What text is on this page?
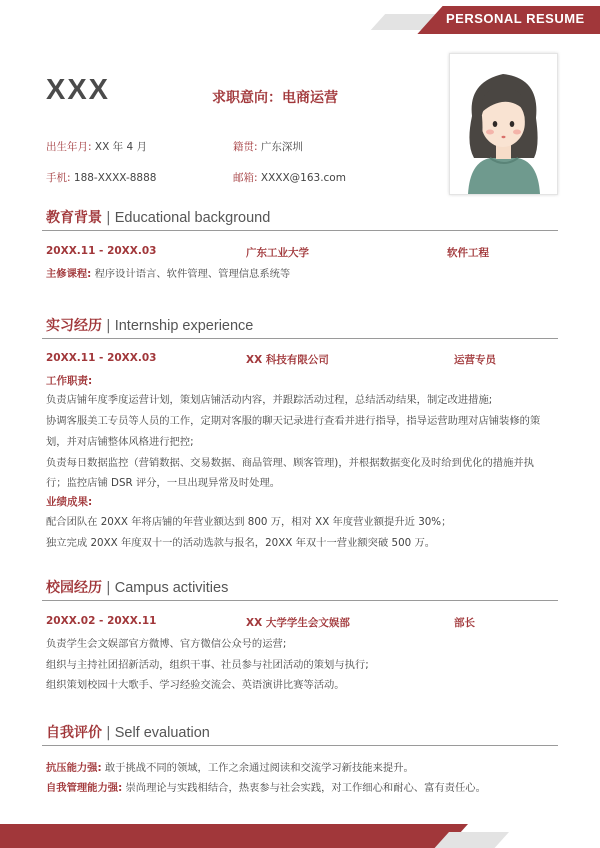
PERSONAL RESUME
XXX	求职意向：电商运营
出生年月: XX 年 4 月	籍贯: 广东深圳
手机: 188-XXXX-8888	邮箱: XXXX@163.com
教育背景 | Educational background
20XX.11 - 20XX.03	广东工业大学	软件工程
主修课程: 程序设计语言、软件管理、管理信息系统等
实习经历 | Internship experience
20XX.11 - 20XX.03	XX 科技有限公司	运营专员
工作职责:
负责店铺年度季度运营计划，策划店铺活动内容，并跟踪活动过程，总结活动结果，制定改进措施;
协调客服美工专员等人员的工作，定期对客服的聊天记录进行查看并进行指导，指导运营助理对店铺装修的策
划，并对店铺整体风格进行把控;
负责每日数据监控（营销数据、交易数据、商品管理、顾客管理)，并根据数据变化及时给到优化的措施并执
行；监控店铺 DSR 评分，一旦出现异常及时处理。
业绩成果:
配合团队在 20XX 年将店铺的年营业额达到 800 万，相对 XX 年度营业额提升近 30%；
独立完成 20XX 年度双十一的活动选款与报名，20XX 年双十一营业额突破 500 万。
校园经历 | Campus activities
20XX.02 - 20XX.11	XX 大学学生会文娱部	部长
负责学生会文娱部官方微博、官方微信公众号的运营;
组织与主持社团招新活动，组织干事、社员参与社团活动的策划与执行;
组织策划校园十大歌手、学习经验交流会、英语演讲比赛等活动。
自我评价 | Self evaluation
抗压能力强: 敢于挑战不同的领域，工作之余通过阅读和交流学习新技能来提升。
自我管理能力强: 崇尚理论与实践相结合，热衷参与社会实践，对工作细心和耐心、富有责任心。
